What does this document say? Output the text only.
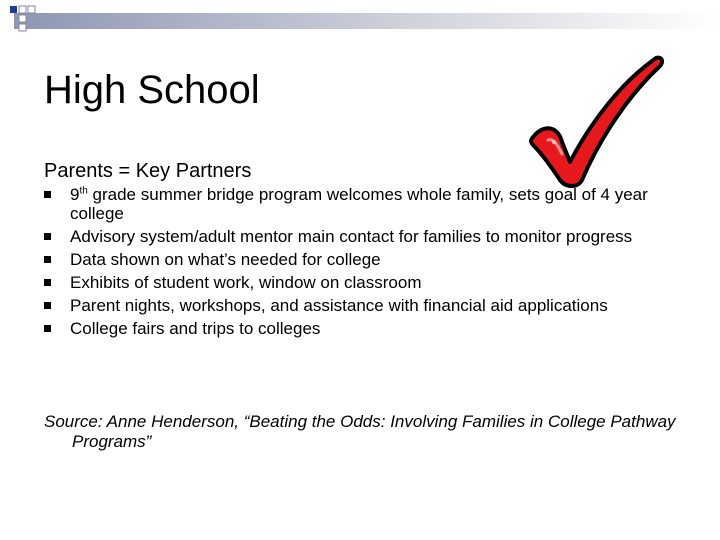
High School
Parents = Key Partners
9th grade summer bridge program welcomes whole family, sets goal of 4 year college
Advisory system/adult mentor main contact for families to monitor progress
Data shown on what’s needed for college
Exhibits of student work, window on classroom
Parent nights, workshops, and assistance with financial aid applications
College fairs and trips to colleges
Source: Anne Henderson, “Beating the Odds: Involving Families in College Pathway Programs”
